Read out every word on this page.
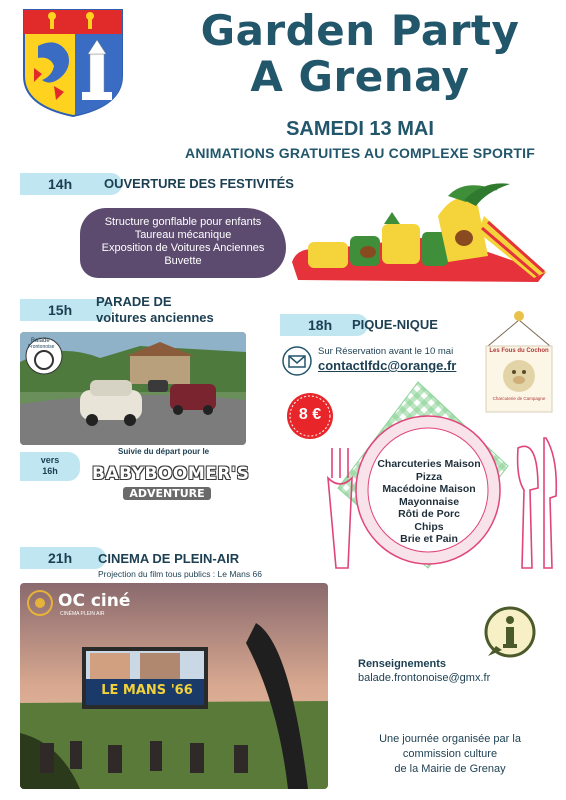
Garden Party
A Grenay
SAMEDI 13 MAI
ANIMATIONS GRATUITES AU COMPLEXE SPORTIF
14h	OUVERTURE DES FESTIVITÉS
Structure gonflable pour enfants
Taureau mécanique
Exposition de Voitures Anciennes
Buvette
15h
PARADE DE
voitures anciennes
Balade
Frontonoise
vers
16h
Suivie du départ pour le
BABYBOOMER'S
ADVENTURE
18h	PIQUE-NIQUE
Sur Réservation avant le 10 mai
contactlfdc@orange.fr
Les Fous du Cochon
Charcuterie de Campagne
8 €
Charcuteries Maison
Pizza
Macédoine Maison
Mayonnaise
Rôti de Porc
Chips
Brie et Pain
21h	CINEMA DE PLEIN-AIR
Projection du film tous publics : Le Mans 66
OC ciné
CINÉMA PLEIN AIR
LE MANS '66
Renseignements
balade.frontonoise@gmx.fr
Une journée organisée par la
commission culture
de la Mairie de Grenay
